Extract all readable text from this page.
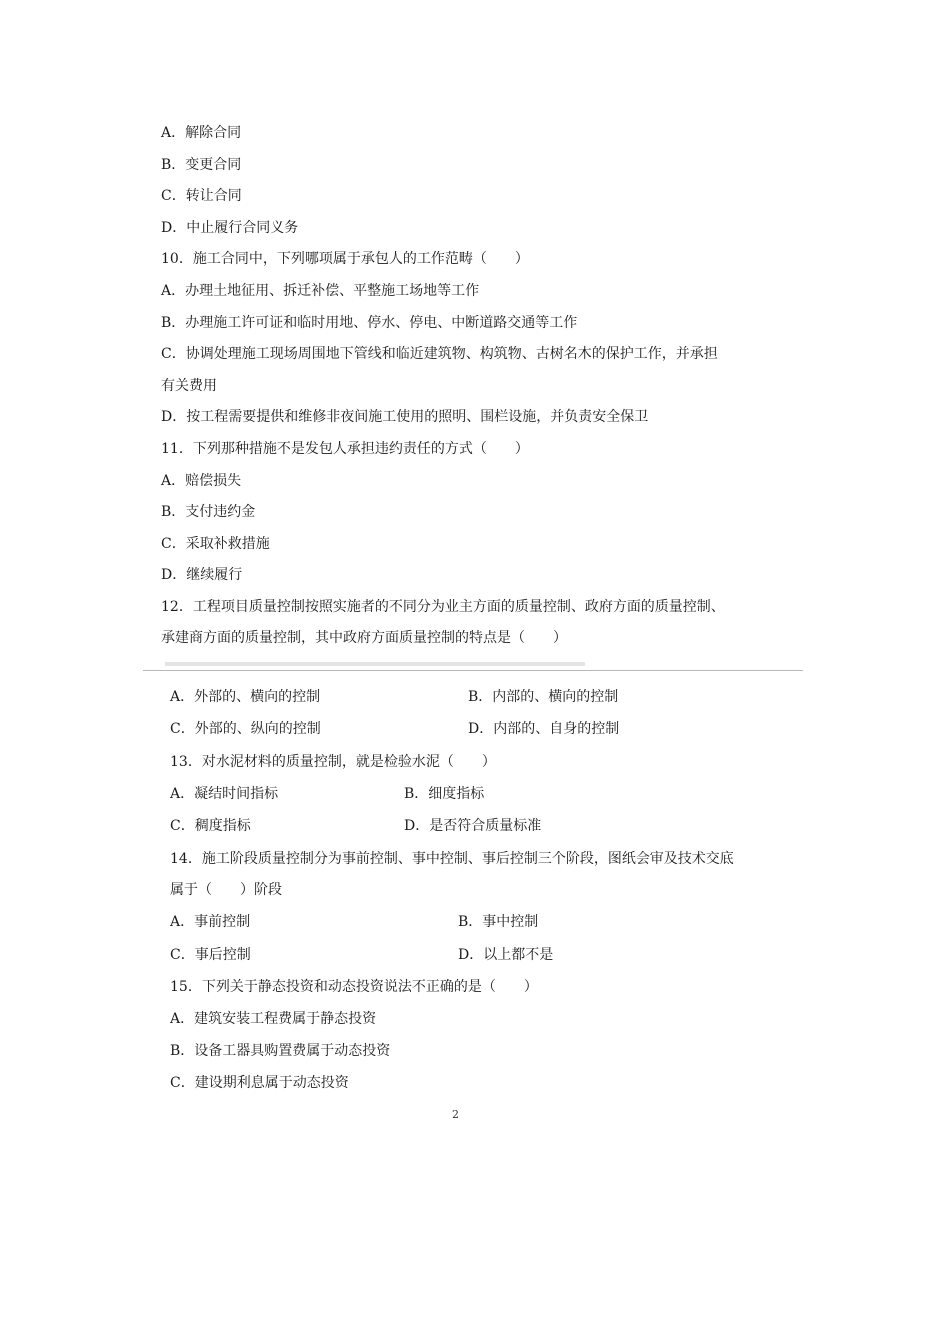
A．解除合同
B．变更合同
C．转让合同
D．中止履行合同义务
10．施工合同中，下列哪项属于承包人的工作范畴（　　）
A．办理土地征用、拆迁补偿、平整施工场地等工作
B．办理施工许可证和临时用地、停水、停电、中断道路交通等工作
C．协调处理施工现场周围地下管线和临近建筑物、构筑物、古树名木的保护工作，并承担
有关费用
D．按工程需要提供和维修非夜间施工使用的照明、围栏设施，并负责安全保卫
11．下列那种措施不是发包人承担违约责任的方式（　　）
A．赔偿损失
B．支付违约金
C．采取补救措施
D．继续履行
12．工程项目质量控制按照实施者的不同分为业主方面的质量控制、政府方面的质量控制、
承建商方面的质量控制，其中政府方面质量控制的特点是（　　）
A．外部的、横向的控制	B．内部的、横向的控制
C．外部的、纵向的控制	D．内部的、自身的控制
13．对水泥材料的质量控制，就是检验水泥（　　）
A．凝结时间指标	B．细度指标
C．稠度指标	D．是否符合质量标准
14．施工阶段质量控制分为事前控制、事中控制、事后控制三个阶段，图纸会审及技术交底
属于（　　）阶段
A．事前控制	B．事中控制
C．事后控制	D．以上都不是
15．下列关于静态投资和动态投资说法不正确的是（　　）
A．建筑安装工程费属于静态投资
B．设备工器具购置费属于动态投资
C．建设期利息属于动态投资
2
